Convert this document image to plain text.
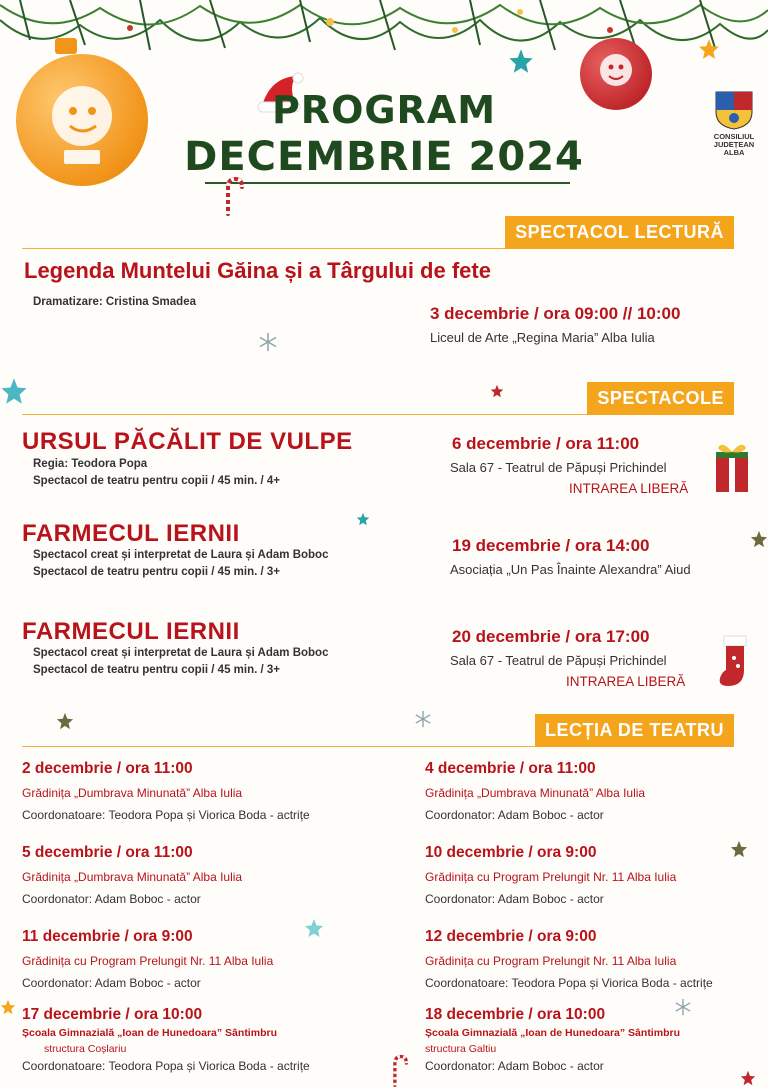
CONSILIUL
JUDEȚEAN
ALBA
PROGRAM
DECEMBRIE 2024
SPECTACOL LECTURĂ
Legenda Muntelui Găina și a Târgului de fete
Dramatizare: Cristina Smadea
3 decembrie / ora 09:00 // 10:00
Liceul de Arte „Regina Maria” Alba Iulia
SPECTACOLE
URSUL PĂCĂLIT DE VULPE
Regia: Teodora Popa
Spectacol de teatru pentru copii / 45 min. / 4+
6 decembrie / ora 11:00
Sala 67 - Teatrul de Păpuși Prichindel
INTRAREA LIBERĂ
FARMECUL IERNII
Spectacol creat și interpretat de Laura și Adam Boboc
Spectacol de teatru pentru copii / 45 min. / 3+
19 decembrie / ora 14:00
Asociația „Un Pas Înainte Alexandra” Aiud
FARMECUL IERNII
Spectacol creat și interpretat de Laura și Adam Boboc
Spectacol de teatru pentru copii / 45 min. / 3+
20 decembrie / ora 17:00
Sala 67 - Teatrul de Păpuși Prichindel
INTRAREA LIBERĂ
LECȚIA DE TEATRU
2 decembrie / ora 11:00
Grădinița „Dumbrava Minunată” Alba Iulia
Coordonatoare: Teodora Popa și Viorica Boda - actrițe
5 decembrie / ora 11:00
Grădinița „Dumbrava Minunată” Alba Iulia
Coordonator: Adam Boboc - actor
11 decembrie / ora 9:00
Grădinița cu Program Prelungit Nr. 11 Alba Iulia
Coordonator: Adam Boboc - actor
17 decembrie / ora 10:00
Școala Gimnazială „Ioan de Hunedoara” Sântimbru
structura Coșlariu
Coordonatoare: Teodora Popa și Viorica Boda - actrițe
4 decembrie / ora 11:00
Grădinița „Dumbrava Minunată” Alba Iulia
Coordonator: Adam Boboc - actor
10 decembrie / ora 9:00
Grădinița cu Program Prelungit Nr. 11 Alba Iulia
Coordonator: Adam Boboc - actor
12 decembrie / ora 9:00
Grădinița cu Program Prelungit Nr. 11 Alba Iulia
Coordonatoare: Teodora Popa și Viorica Boda - actrițe
18 decembrie / ora 10:00
Școala Gimnazială „Ioan de Hunedoara” Sântimbru
structura Galtiu
Coordonator: Adam Boboc - actor
